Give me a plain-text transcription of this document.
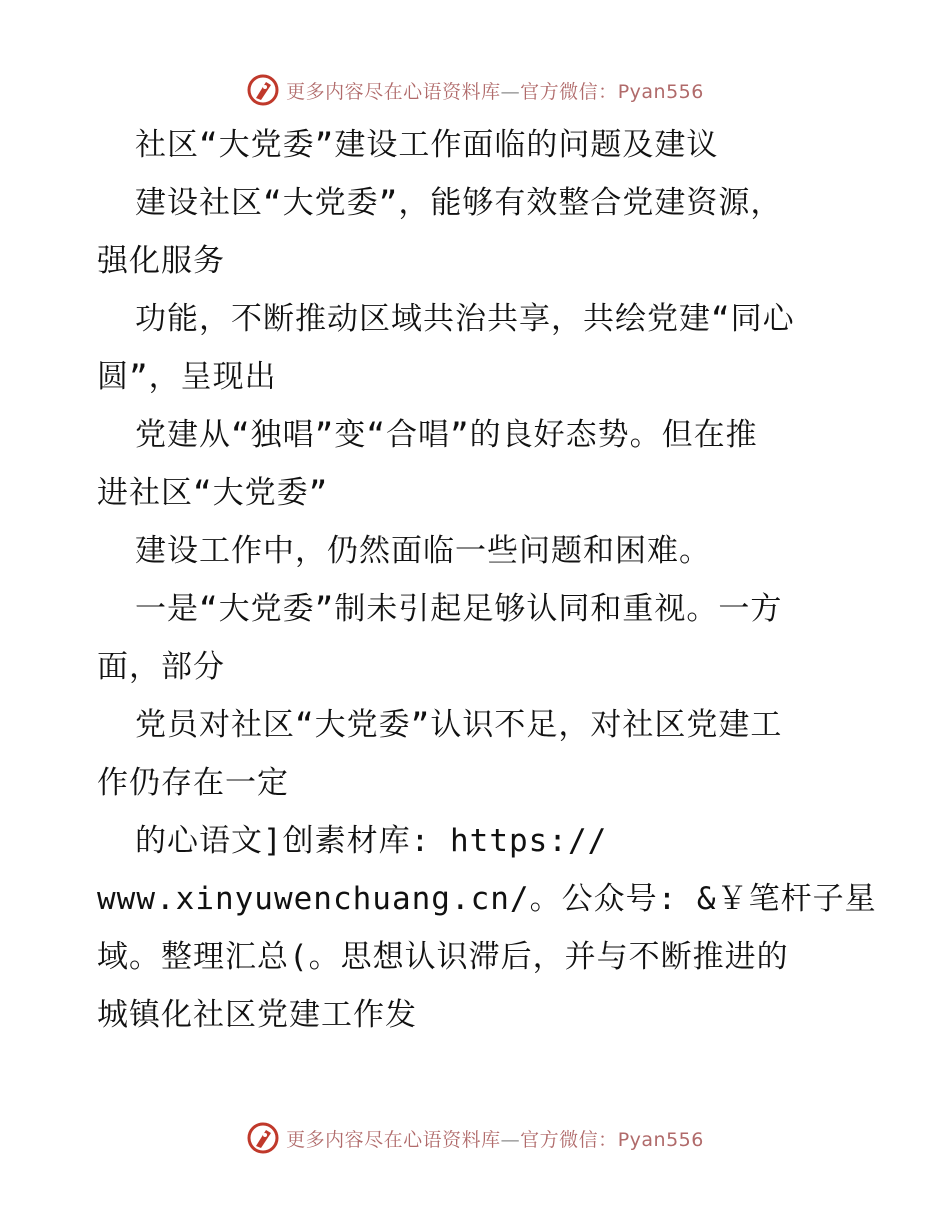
更多内容尽在心语资料库—官方微信：Pyan556
社区“大党委”建设工作面临的问题及建议
建设社区“大党委”，能够有效整合党建资源，
强化服务
功能，不断推动区域共治共享，共绘党建“同心
圆”，呈现出
党建从“独唱”变“合唱”的良好态势。但在推
进社区“大党委”
建设工作中，仍然面临一些问题和困难。
一是“大党委”制未引起足够认同和重视。一方
面，部分
党员对社区“大党委”认识不足，对社区党建工
作仍存在一定
的心语文]创素材库: https://
www.xinyuwenchuang.cn/。公众号: &￥笔杆子星
域。整理汇总(。思想认识滞后，并与不断推进的
城镇化社区党建工作发
更多内容尽在心语资料库—官方微信：Pyan556
